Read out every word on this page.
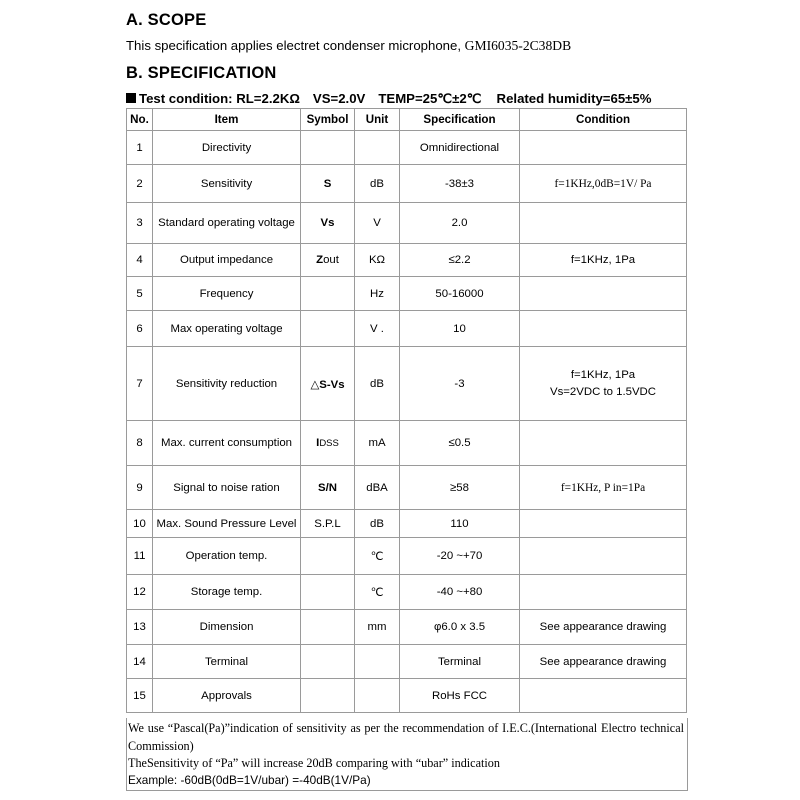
A. SCOPE
This specification applies electret condenser microphone, GMI6035-2C38DB
B. SPECIFICATION
Test condition: RL=2.2KΩ VS=2.0V TEMP=25℃±2℃ Related humidity=65±5%
No.	Item	Symbol	Unit	Specification	Condition
1	Directivity			Omnidirectional	
2	Sensitivity	S	dB	-38±3	f=1KHz,0dB=1V/ Pa
3	Standard operating voltage	Vs	V	2.0	
4	Output impedance	Zout	KΩ	≤2.2	f=1KHz, 1Pa
5	Frequency		Hz	50-16000	
6	Max operating voltage		V .	10	
7	Sensitivity reduction	△S-Vs	dB	-3	f=1KHz, 1Pa
Vs=2VDC to 1.5VDC

8	Max. current consumption	IDSS	mA	≤0.5	
9	Signal to noise ration	S/N	dBA	≥58	f=1KHz, P in=1Pa
10	Max. Sound Pressure Level	S.P.L	dB	110	
11	Operation temp.		℃	-20 ~+70	
12	Storage temp.		℃	-40 ~+80	
13	Dimension		mm	φ6.0 x 3.5	See appearance drawing
14	Terminal			Terminal	See appearance drawing
15	Approvals			RoHs FCC	
We use “Pascal(Pa)”indication of sensitivity as per the recommendation of I.E.C.(International Electro technical
Commission)
TheSensitivity of “Pa” will increase 20dB comparing with “ubar” indication
Example: -60dB(0dB=1V/ubar) =-40dB(1V/Pa)
